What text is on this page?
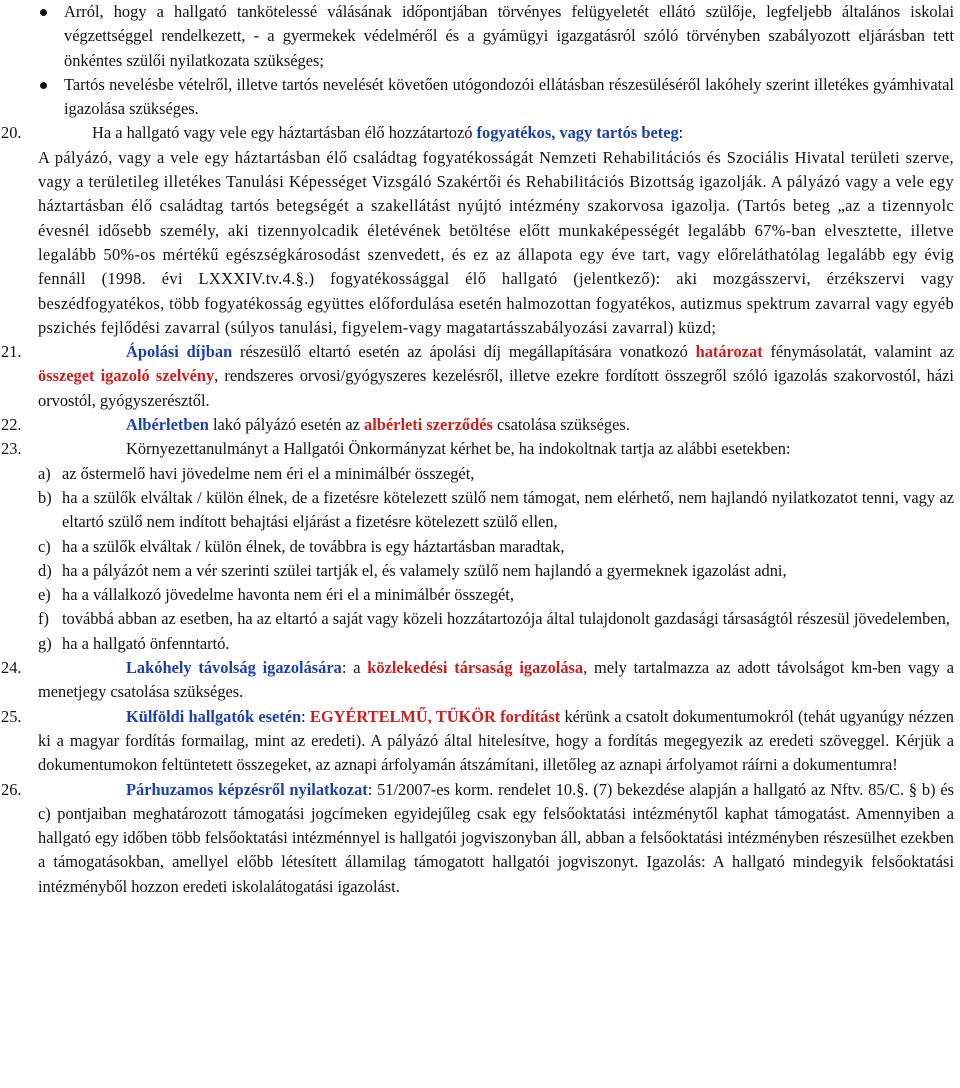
Arról, hogy a hallgató tankötelessé válásának időpontjában törvényes felügyeletét ellátó szülője, legfeljebb általános iskolai végzettséggel rendelkezett, - a gyermekek védelméről és a gyámügyi igazgatásról szóló törvényben szabályozott eljárásban tett önkéntes szülői nyilatkozata szükséges;
Tartós nevelésbe vételről, illetve tartós nevelését követően utógondozói ellátásban részesüléséről lakóhely szerint illetékes gyámhivatal igazolása szükséges.
20.	Ha a hallgató vagy vele egy háztartásban élő hozzátartozó fogyatékos, vagy tartós beteg:

A pályázó, vagy a vele egy háztartásban élő családtag fogyatékosságát Nemzeti Rehabilitációs és Szociális Hivatal területi szerve, vagy a területileg illetékes Tanulási Képességet Vizsgáló Szakértői és Rehabilitációs Bizottság igazolják. A pályázó vagy a vele egy háztartásban élő családtag tartós betegségét a szakellátást nyújtó intézmény szakorvosa igazolja. (Tartós beteg „az a tizennyolc évesnél idősebb személy, aki tizennyolcadik életévének betöltése előtt munkaképességét legalább 67%-ban elvesztette, illetve legalább 50%-os mértékű egészségkárosodást szenvedett, és ez az állapota egy éve tart, vagy előreláthatólag legalább egy évig fennáll (1998. évi LXXXIV.tv.4.§.) fogyatékossággal élő hallgató (jelentkező): aki mozgásszervi, érzékszervi vagy beszédfogyatékos, több fogyatékosság együttes előfordulása esetén halmozottan fogyatékos, autizmus spektrum zavarral vagy egyéb pszichés fejlődési zavarral (súlyos tanulási, figyelem-vagy magatartásszabályozási zavarral) küzd;

21.	Ápolási díjban részesülő eltartó esetén az ápolási díj megállapítására vonatkozó határozat fénymásolatát, valamint az összeget igazoló szelvény, rendszeres orvosi/gyógyszeres kezelésről, illetve ezekre fordított összegről szóló igazolás szakorvostól, házi orvostól, gyógyszerésztől.

22.	Albérletben lakó pályázó esetén az albérleti szerződés csatolása szükséges.

23.	Környezettanulmányt a Hallgatói Önkormányzat kérhet be, ha indokoltnak tartja az alábbi esetekben:

a) az őstermelő havi jövedelme nem éri el a minimálbér összegét,
b) ha a szülők elváltak / külön élnek, de a fizetésre kötelezett szülő nem támogat, nem elérhető, nem hajlandó nyilatkozatot tenni, vagy az eltartó szülő nem indított behajtási eljárást a fizetésre kötelezett szülő ellen,
c) ha a szülők elváltak / külön élnek, de továbbra is egy háztartásban maradtak,
d) ha a pályázót nem a vér szerinti szülei tartják el, és valamely szülő nem hajlandó a gyermeknek igazolást adni,
e) ha a vállalkozó jövedelme havonta nem éri el a minimálbér összegét,
f) továbbá abban az esetben, ha az eltartó a saját vagy közeli hozzátartozója által tulajdonolt gazdasági társaságtól részesül jövedelemben,
g) ha a hallgató önfenntartó.
24.	Lakóhely távolság igazolására: a közlekedési társaság igazolása, mely tartalmazza az adott távolságot km-ben vagy a menetjegy csatolása szükséges.

25.	Külföldi hallgatók esetén: EGYÉRTELMŰ, TÜKÖR fordítást kérünk a csatolt dokumentumokról (tehát ugyanúgy nézzen ki a magyar fordítás formailag, mint az eredeti). A pályázó által hitelesítve, hogy a fordítás megegyezik az eredeti szöveggel. Kérjük a dokumentumokon feltüntetett összegeket, az aznapi árfolyamán átszámítani, illetőleg az aznapi árfolyamot ráírni a dokumentumra!

26.	Párhuzamos képzésről nyilatkozat: 51/2007-es korm. rendelet 10.§. (7) bekezdése alapján a hallgató az Nftv. 85/C. § b) és c) pontjaiban meghatározott támogatási jogcímeken egyidejűleg csak egy felsőoktatási intézménytől kaphat támogatást. Amennyiben a hallgató egy időben több felsőoktatási intézménnyel is hallgatói jogviszonyban áll, abban a felsőoktatási intézményben részesülhet ezekben a támogatásokban, amellyel előbb létesített államilag támogatott hallgatói jogviszonyt. Igazolás: A hallgató mindegyik felsőoktatási intézményből hozzon eredeti iskolalátogatási igazolást.
